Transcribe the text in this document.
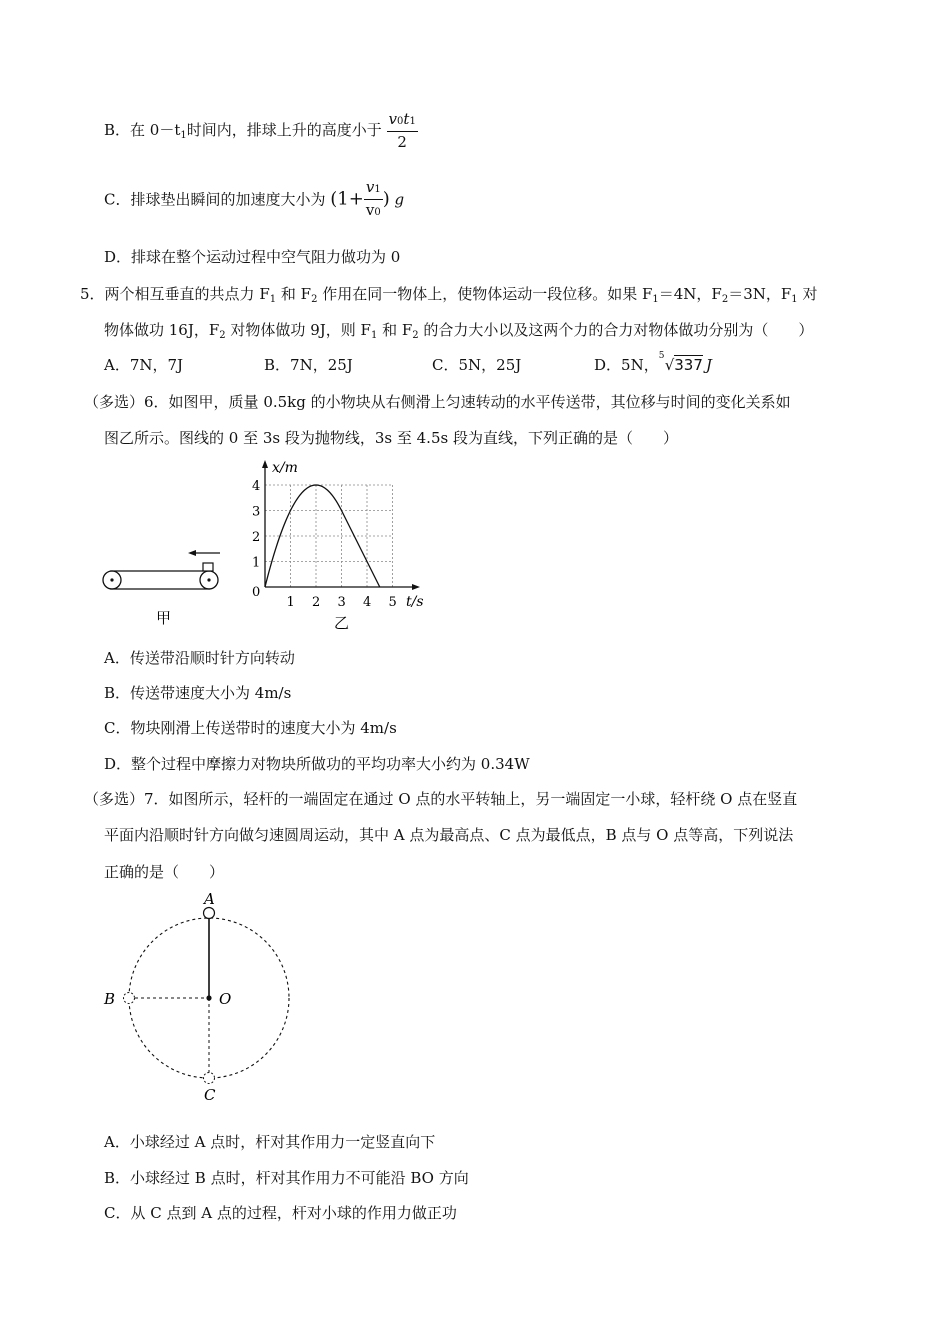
B．在 $0-t_1$时间内，排球上升的高度小于 $\frac{v0t1}{2}$
C．排球垫出瞬间的加速度大小为 ($1+ \frac{v1}{v0}$ ) g
D．排球在整个运动过程中空气阻力做功为 0
5．两个相互垂直的共点力 $F_1$ 和 $F_2$ 作用在同一物体上，使物体运动一段位移。如果 $F_1=4N$，$F_2=3N$，$F_1$ 对
物体做功 16J，$F_2$ 对物体做功 9J，则 $F_1$ 和 $F_2$ 的合力大小以及这两个力的合力对物体做功分别为（　　）
A．7N，7J	B．7N，25J	C．5N，25J	D．5N， 5 √337 J
（多选）6．如图甲，质量 0.5kg 的小物块从右侧滑上匀速转动的水平传送带，其位移与时间的变化关系如
图乙所示。图线的 0 至 3s 段为抛物线，3s 至 4.5s 段为直线，下列正确的是（　　）
甲
x/m
t/s
0
1
2
3
4
1 2 3 4 5
乙
A．传送带沿顺时针方向转动
B．传送带速度大小为 4m/s
C．物块刚滑上传送带时的速度大小为 4m/s
D．整个过程中摩擦力对物块所做功的平均功率大小约为 0.34W
（多选）7．如图所示，轻杆的一端固定在通过 O 点的水平转轴上，另一端固定一小球，轻杆绕 O 点在竖直
平面内沿顺时针方向做匀速圆周运动，其中 A 点为最高点、C 点为最低点，B 点与 O 点等高，下列说法
正确的是（　　）
A
B	O
C
A．小球经过 A 点时，杆对其作用力一定竖直向下
B．小球经过 B 点时，杆对其作用力不可能沿 BO 方向
C．从 C 点到 A 点的过程，杆对小球的作用力做正功
